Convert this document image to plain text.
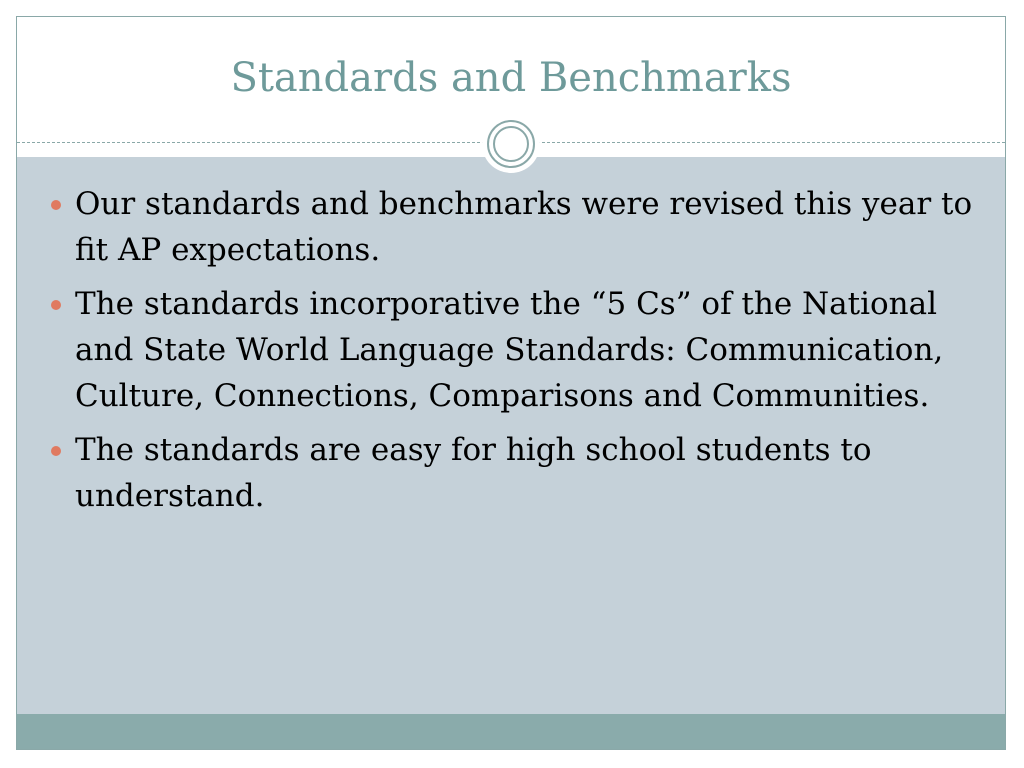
Standards and Benchmarks
Our standards and benchmarks were revised this year to fit AP expectations.
The standards incorporative the “5 Cs” of the National and State World Language Standards: Communication, Culture, Connections, Comparisons and Communities.
The standards are easy for high school students to understand.
